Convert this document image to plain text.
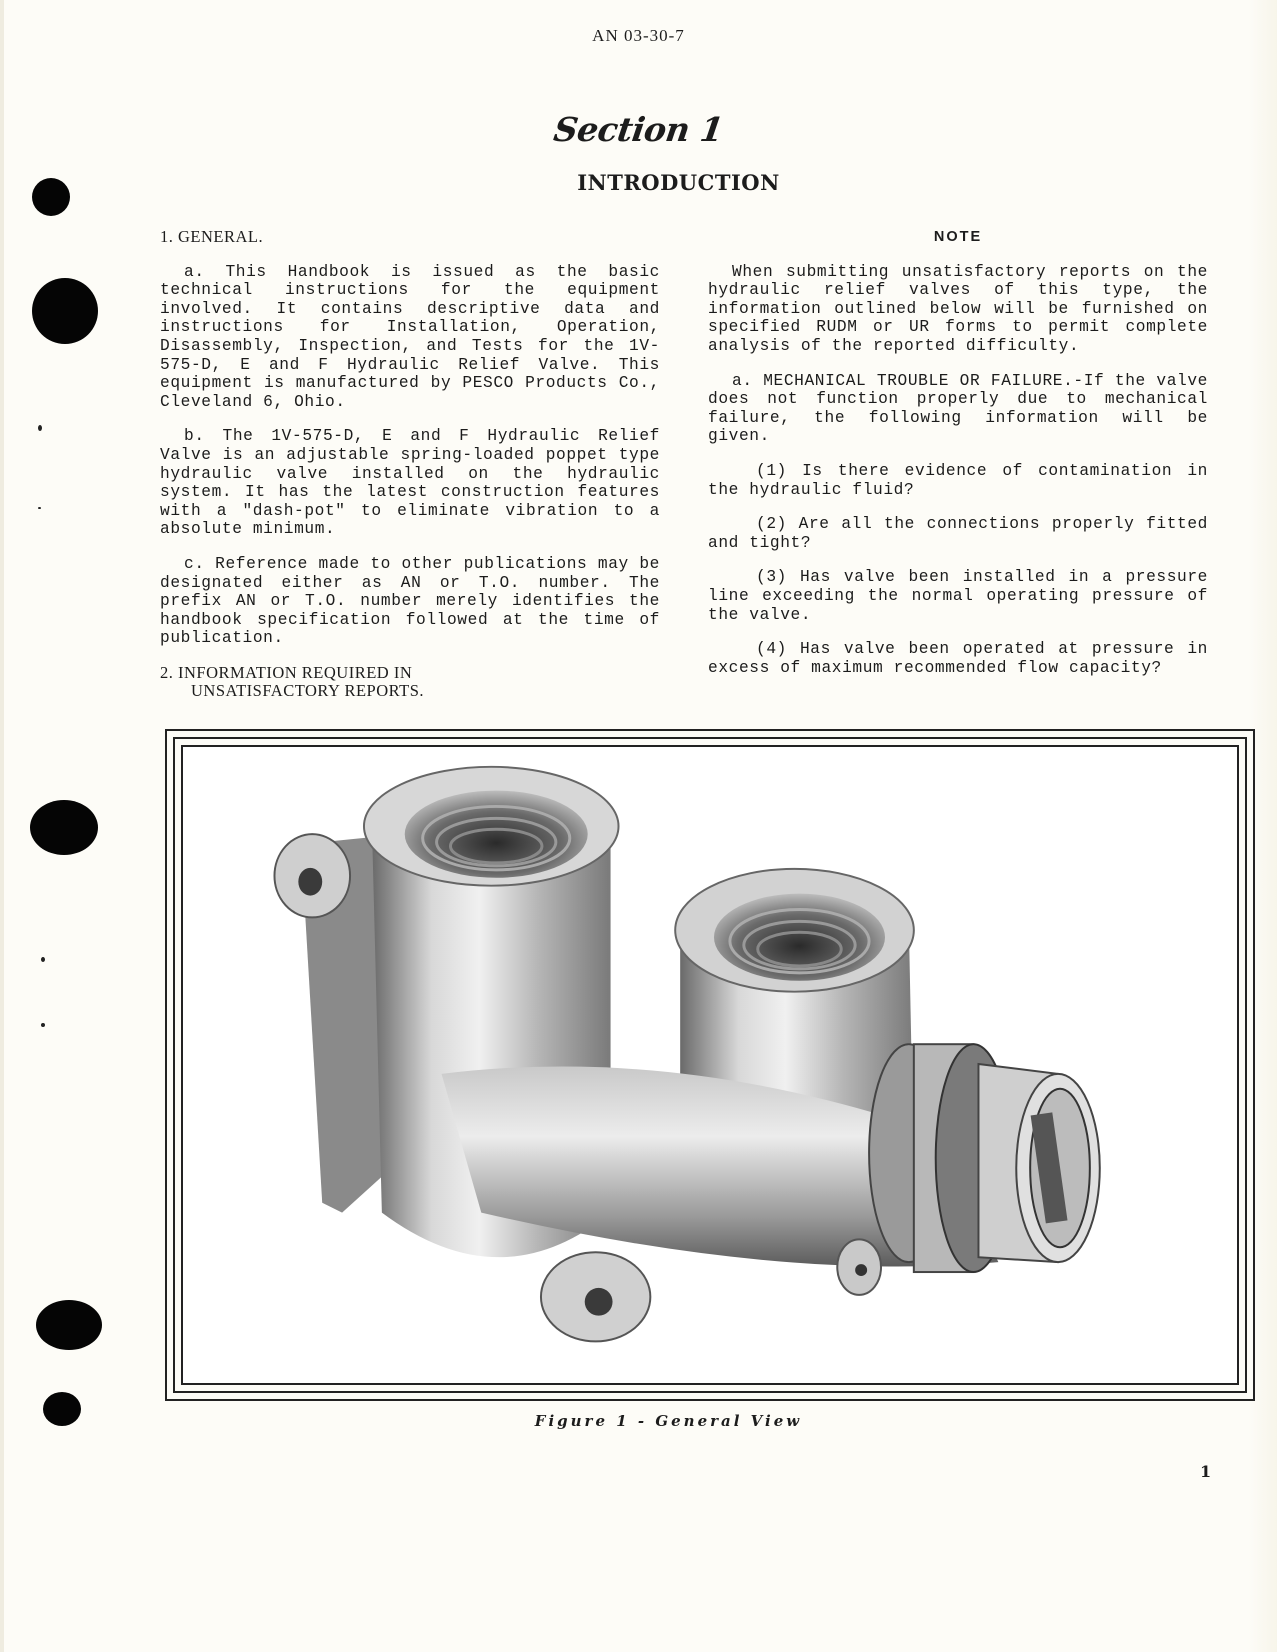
AN 03-30-7
Section 1
INTRODUCTION

1. GENERAL.

a. This Handbook is issued as the basic technical instructions for the equipment involved. It contains descriptive data and instructions for Installation, Operation, Disassembly, Inspection, and Tests for the 1V-575-D, E and F Hydraulic Relief Valve. This equipment is manufactured by PESCO Products Co., Cleveland 6, Ohio.

b. The 1V-575-D, E and F Hydraulic Relief Valve is an adjustable spring-loaded poppet type hydraulic valve installed on the hydraulic system. It has the latest construction features with a "dash-pot" to eliminate vibration to a absolute minimum.

c. Reference made to other publications may be designated either as AN or T.O. number. The prefix AN or T.O. number merely identifies the handbook specification followed at the time of publication.

2. INFORMATION REQUIRED IN
UNSATISFACTORY REPORTS.

NOTE

When submitting unsatisfactory reports on the hydraulic relief valves of this type, the information outlined below will be furnished on specified RUDM or UR forms to permit complete analysis of the reported difficulty.

a. MECHANICAL TROUBLE OR FAILURE.-If the valve does not function properly due to mechanical failure, the following information will be given.

(1) Is there evidence of contamination in the hydraulic fluid?

(2) Are all the connections properly fitted and tight?

(3) Has valve been installed in a pressure line exceeding the normal operating pressure of the valve.

(4) Has valve been operated at pressure in excess of maximum recommended flow capacity?

Figure 1 - General View
1
